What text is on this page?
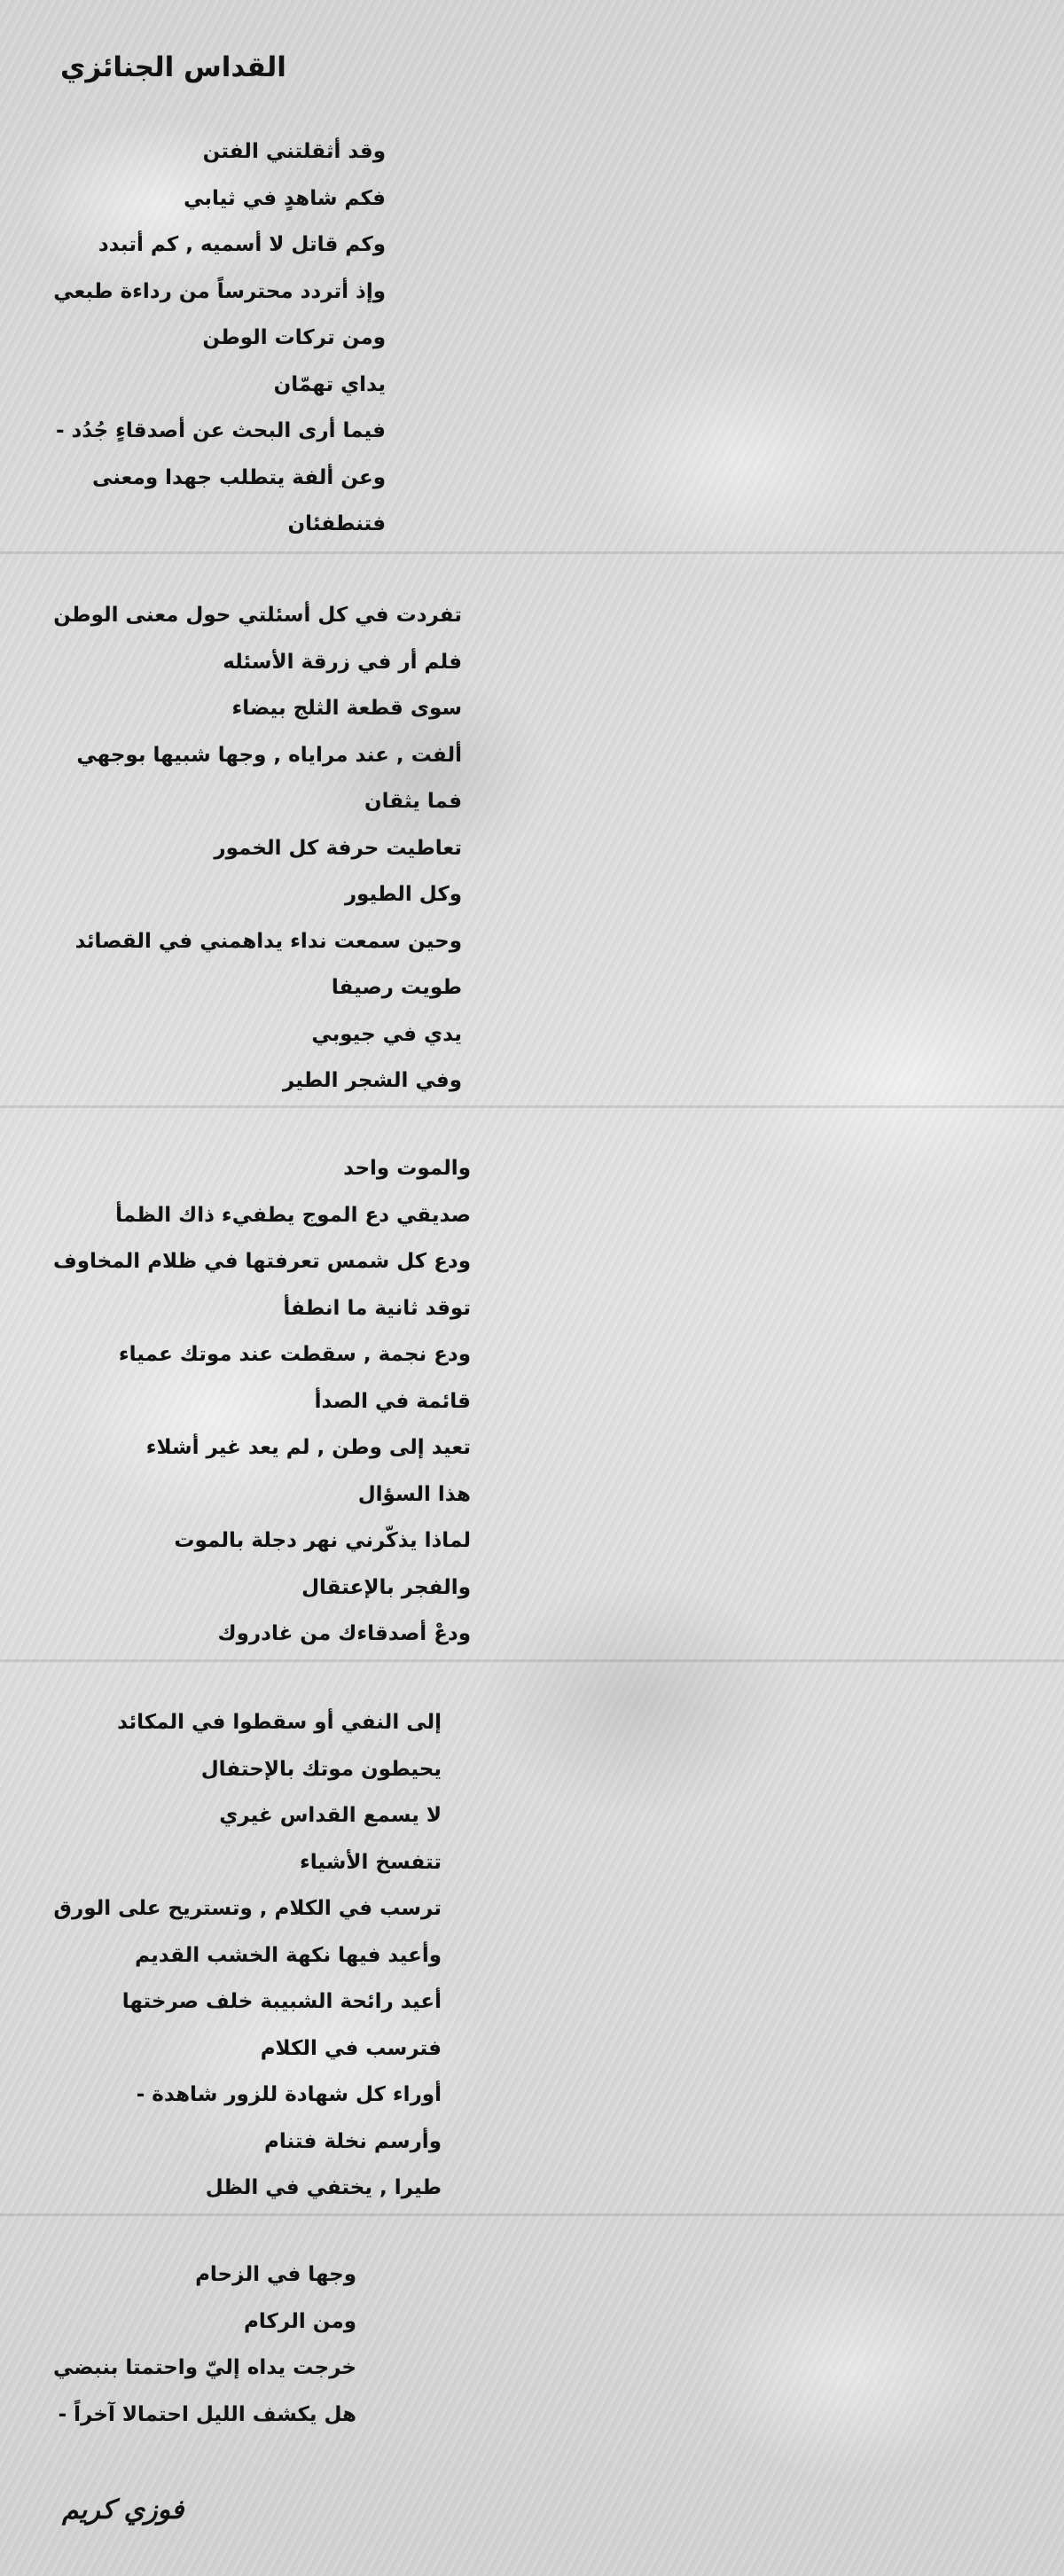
القداس الجنائزي
وقد أثقلتني الفتن
فكم شاهدٍ في ثيابي
وكم قاتل لا أسميه , كم أتبدد
وإذ أتردد محترساً من رداءة طبعي
ومن تركات الوطن
يداي تهمّان
فيما أرى البحث عن أصدقاءٍ جُدُد -
وعن ألفة يتطلب جهدا ومعنى
فتنطفئان
تفردت في كل أسئلتي حول معنى الوطن
فلم أر في زرقة الأسئله
سوى قطعة الثلج بيضاء
ألفت , عند مراياه , وجها شبيها بوجهي
فما يثقان
تعاطيت حرفة كل الخمور
وكل الطيور
وحين سمعت نداء يداهمني في القصائد
طويت رصيفا
يدي في جيوبي
وفي الشجر الطير
والموت واحد
صديقي دع الموج يطفيء ذاك الظمأ
ودع كل شمس تعرفتها في ظلام المخاوف
توقد ثانية ما انطفأ
ودع نجمة , سقطت عند موتك عمياء
قائمة في الصدأ
تعيد إلى وطن , لم يعد غير أشلاء
هذا السؤال
لماذا يذكّرني نهر دجلة بالموت
والفجر بالإعتقال
ودعْ أصدقاءك من غادروك
إلى النفي أو سقطوا في المكائد
يحيطون موتك بالإحتفال
لا يسمع القداس غيري
تتفسخ الأشياء
ترسب في الكلام , وتستريح على الورق
وأعيد فيها نكهة الخشب القديم
أعيد رائحة الشبيبة خلف صرختها
فترسب في الكلام
أوراء كل شهادة للزور شاهدة -
وأرسم نخلة فتنام
طيرا , يختفي في الظل
وجها في الزحام
ومن الركام
خرجت يداه إليّ واحتمتا بنبضي
هل يكشف الليل احتمالا آخراً -
فوزي كريم
